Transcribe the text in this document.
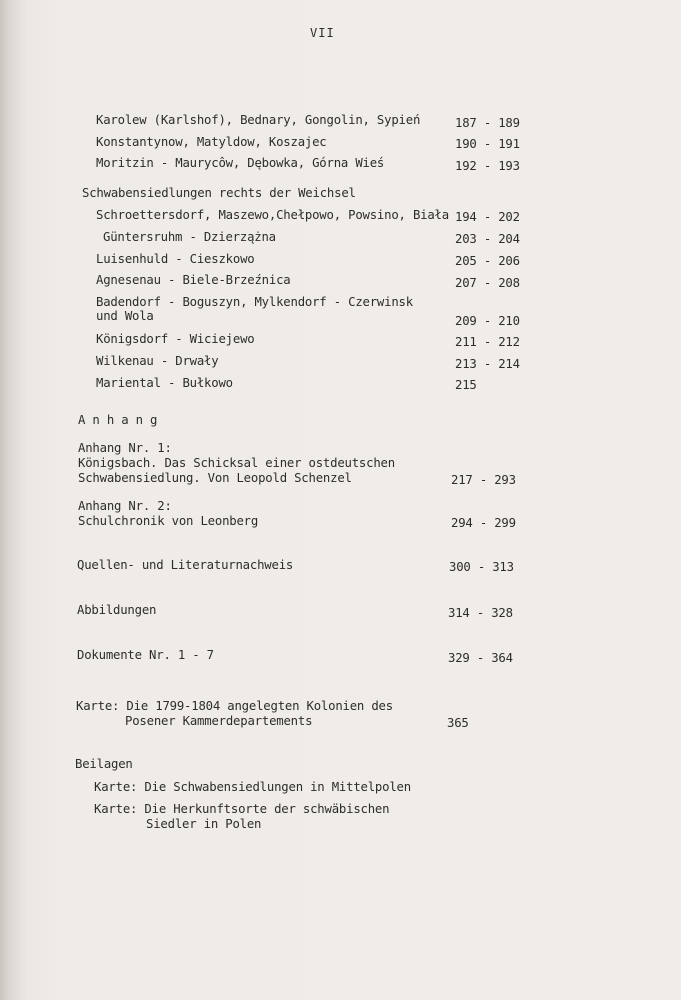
VII
Karolew (Karlshof), Bednary, Gongolin, Sypień	187 - 189
Konstantynow, Matyldow, Koszajec	190 - 191
Moritzin - Maurycôw, Dębowka, Górna Wieś	192 - 193
Schwabensiedlungen rechts der Weichsel
Schroettersdorf, Maszewo,Chełpowo, Powsino, Biała 194 - 202
Güntersruhm - Dzierzążna	203 - 204
Luisenhuld - Cieszkowo	205 - 206
Agnesenau - Biele-Brzeźnica	207 - 208
Badendorf - Boguszyn, Mylkendorf - Czerwinsk
und Wola	209 - 210
Königsdorf - Wiciejewo	211 - 212
Wilkenau - Drwały	213 - 214
Mariental - Bułkowo	215
A n h a n g
Anhang Nr. 1:
Königsbach. Das Schicksal einer ostdeutschen
Schwabensiedlung. Von Leopold Schenzel	217 - 293
Anhang Nr. 2:
Schulchronik von Leonberg	294 - 299
Quellen- und Literaturnachweis	300 - 313
Abbildungen	314 - 328
Dokumente Nr. 1 - 7	329 - 364
Karte: Die 1799-1804 angelegten Kolonien des
Posener Kammerdepartements	365
Beilagen
Karte: Die Schwabensiedlungen in Mittelpolen
Karte: Die Herkunftsorte der schwäbischen
Siedler in Polen
